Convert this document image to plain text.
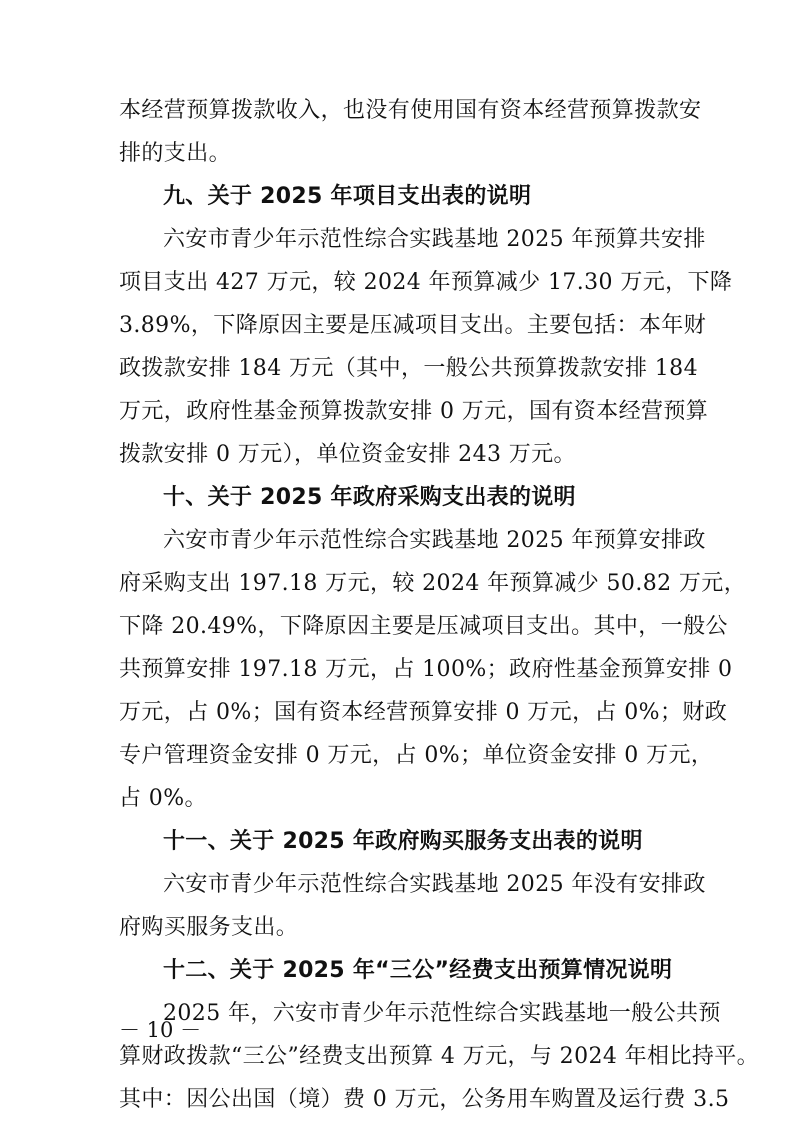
本经营预算拨款收入，也没有使用国有资本经营预算拨款安
排的支出。
九、关于 2025 年项目支出表的说明
六安市青少年示范性综合实践基地 2025 年预算共安排
项目支出 427 万元，较 2024 年预算减少 17.30 万元，下降
3.89%，下降原因主要是压减项目支出。主要包括：本年财
政拨款安排 184 万元（其中，一般公共预算拨款安排 184
万元，政府性基金预算拨款安排 0 万元，国有资本经营预算
拨款安排 0 万元），单位资金安排 243 万元。
十、关于 2025 年政府采购支出表的说明
六安市青少年示范性综合实践基地 2025 年预算安排政
府采购支出 197.18 万元，较 2024 年预算减少 50.82 万元，
下降 20.49%，下降原因主要是压减项目支出。其中，一般公
共预算安排 197.18 万元，占 100%；政府性基金预算安排 0
万元，占 0%；国有资本经营预算安排 0 万元，占 0%；财政
专户管理资金安排 0 万元，占 0%；单位资金安排 0 万元，
占 0%。
十一、关于 2025 年政府购买服务支出表的说明
六安市青少年示范性综合实践基地 2025 年没有安排政
府购买服务支出。
十二、关于 2025 年“三公”经费支出预算情况说明
2025 年，六安市青少年示范性综合实践基地一般公共预
算财政拨款“三公”经费支出预算 4 万元，与 2024 年相比持平。
其中：因公出国（境）费 0 万元，公务用车购置及运行费 3.5
－ 10 －
